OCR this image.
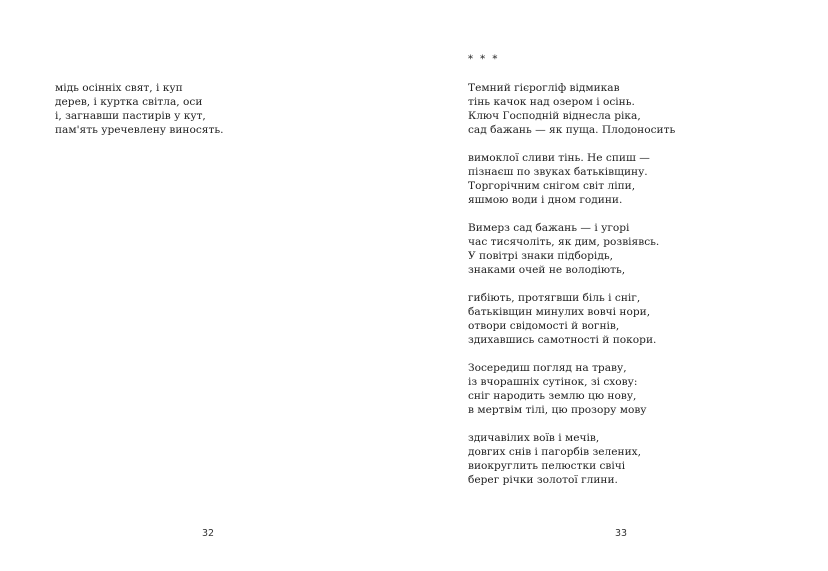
мідь осінніх свят, і куп
дерев, і куртка світла, оси
і, загнавши пастирів у кут,
пам'ять уречевлену виносять.
32
* * *
Темний гієрогліф відмикав
тінь качок над озером і осінь.
Ключ Господній віднесла ріка,
сад бажань — як пуща. Плодоносить
вимоклої сливи тінь. Не спиш —
пізнаєш по звуках батьківщину.
Торгорічним снігом світ ліпи,
яшмою води і дном години.
Вимерз сад бажань — і угорі
час тисячоліть, як дим, розвіявсь.
У повітрі знаки підборідь,
знаками очей не володіють,
гибіють, протягвши біль і сніг,
батьківщин минулих вовчі нори,
отвори свідомості й вогнів,
здихавшись самотності й покори.
Зосередиш погляд на траву,
із вчорашніх сутінок, зі схову:
сніг народить землю цю нову,
в мертвім тілі, цю прозору мову
здичавілих воїв і мечів,
довгих снів і пагорбів зелених,
виокруглить пелюстки свічі
берег річки золотої глини.
33
